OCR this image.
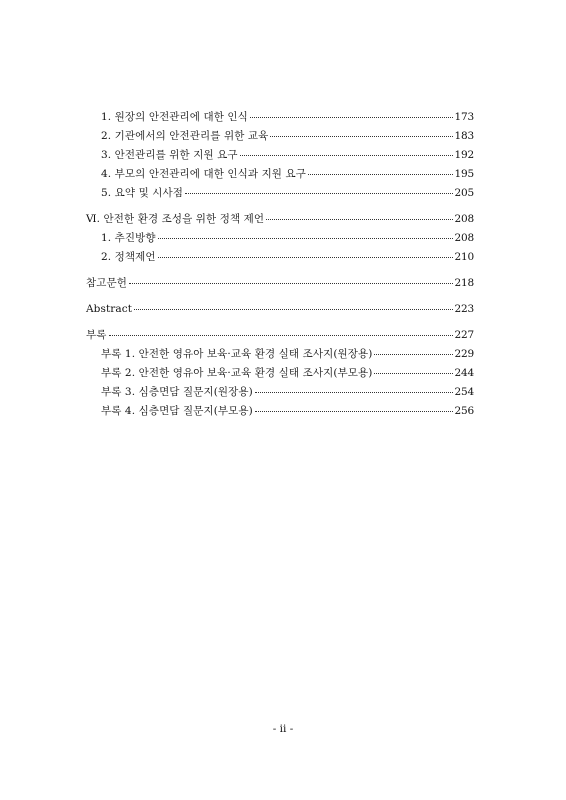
1. 원장의 안전관리에 대한 인식	173
2. 기관에서의 안전관리를 위한 교육	183
3. 안전관리를 위한 지원 요구	192
4. 부모의 안전관리에 대한 인식과 지원 요구	195
5. 요약 및 시사점	205
Ⅵ. 안전한 환경 조성을 위한 정책 제언	208
1. 추진방향	208
2. 정책제언	210
참고문헌	218
Abstract	223
부록	227
부록 1. 안전한 영유아 보육·교육 환경 실태 조사지(원장용)	229
부록 2. 안전한 영유아 보육·교육 환경 실태 조사지(부모용)	244
부록 3. 심층면담 질문지(원장용)	254
부록 4. 심층면담 질문지(부모용)	256
- ii -
